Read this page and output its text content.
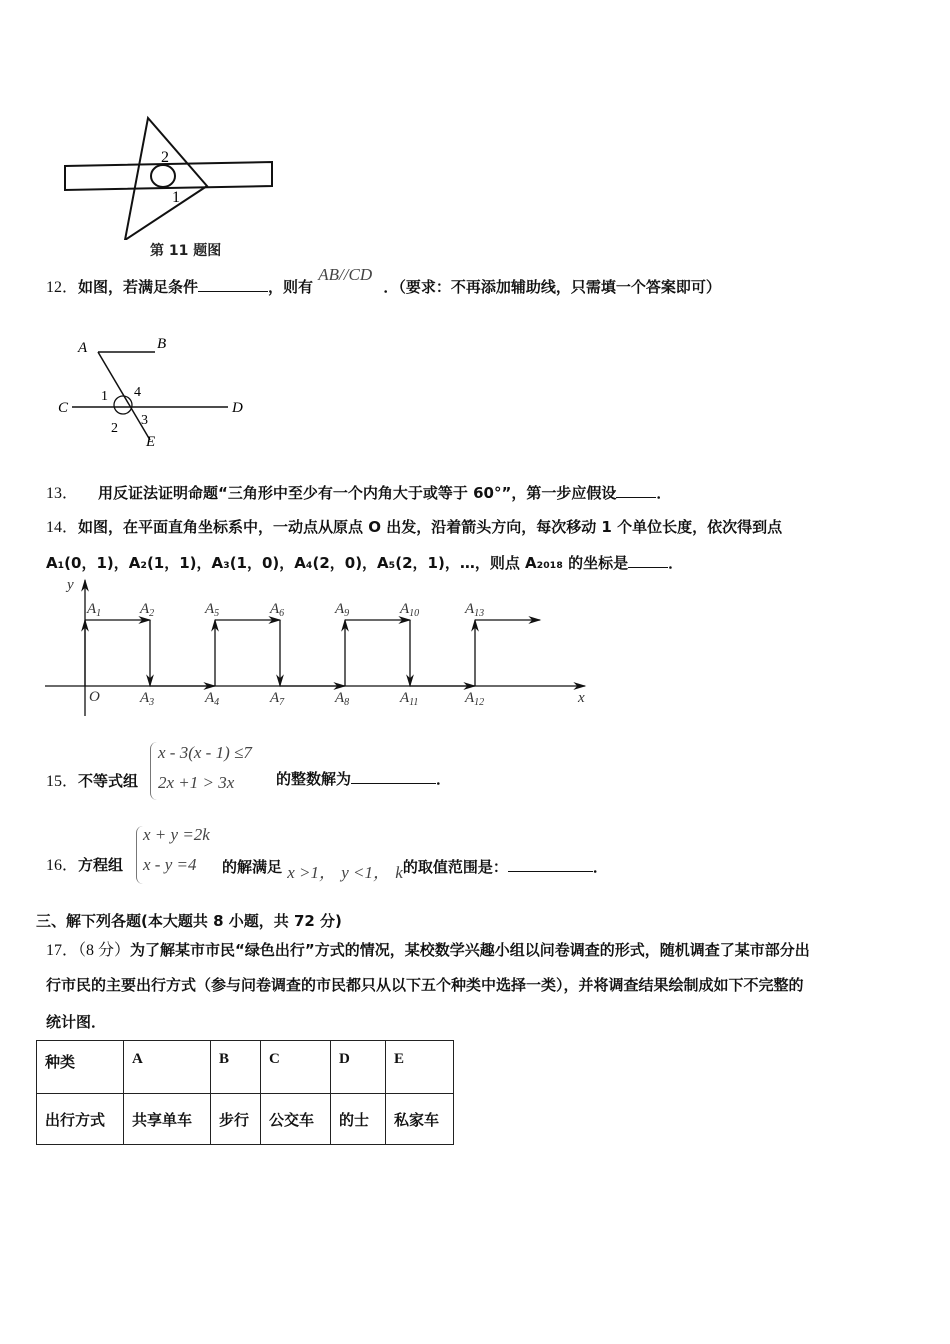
2
1
第 11 题图
12．如图，若满足条件	，则有 AB//CD ．（要求：不再添加辅助线，只需填一个答案即可）
A	B
C	D
E
1
2
3
4
13． 用反证法证明命题“三角形中至少有一个内角大于或等于 60°”，第一步应假设	．
14．如图，在平面直角坐标系中，一动点从原点 O 出发，沿着箭头方向，每次移动 1 个单位长度，依次得到点
A₁(0，1)，A₂(1，1)，A₃(1，0)，A₄(2，0)，A₅(2，1)，…，则点 A₂₀₁₈ 的坐标是	．
x
y
O
$A_1$	$A_2$	$A_5$	$A_6$	$A_9$	$A_{10}$	$A_{13}$
$A_3$	$A_4$	$A_7$	$A_8$	$A_{11}$	$A_{12}$
15．不等式组
x - 3(x - 1) ≤7
2x +1 > 3x	的整数解为	．
16．方程组
x + y =2k
x - y =4 的解满足 x >1， y <1， k的取值范围是：	．
三、解下列各题(本大题共 8 小题，共 72 分)
17．（8 分）为了解某市市民“绿色出行”方式的情况，某校数学兴趣小组以问卷调查的形式，随机调查了某市部分出
行市民的主要出行方式（参与问卷调查的市民都只从以下五个种类中选择一类），并将调查结果绘制成如下不完整的
统计图．
种类	A	B	C	D	E
出行方式	共享单车	步行	公交车	的士	私家车
